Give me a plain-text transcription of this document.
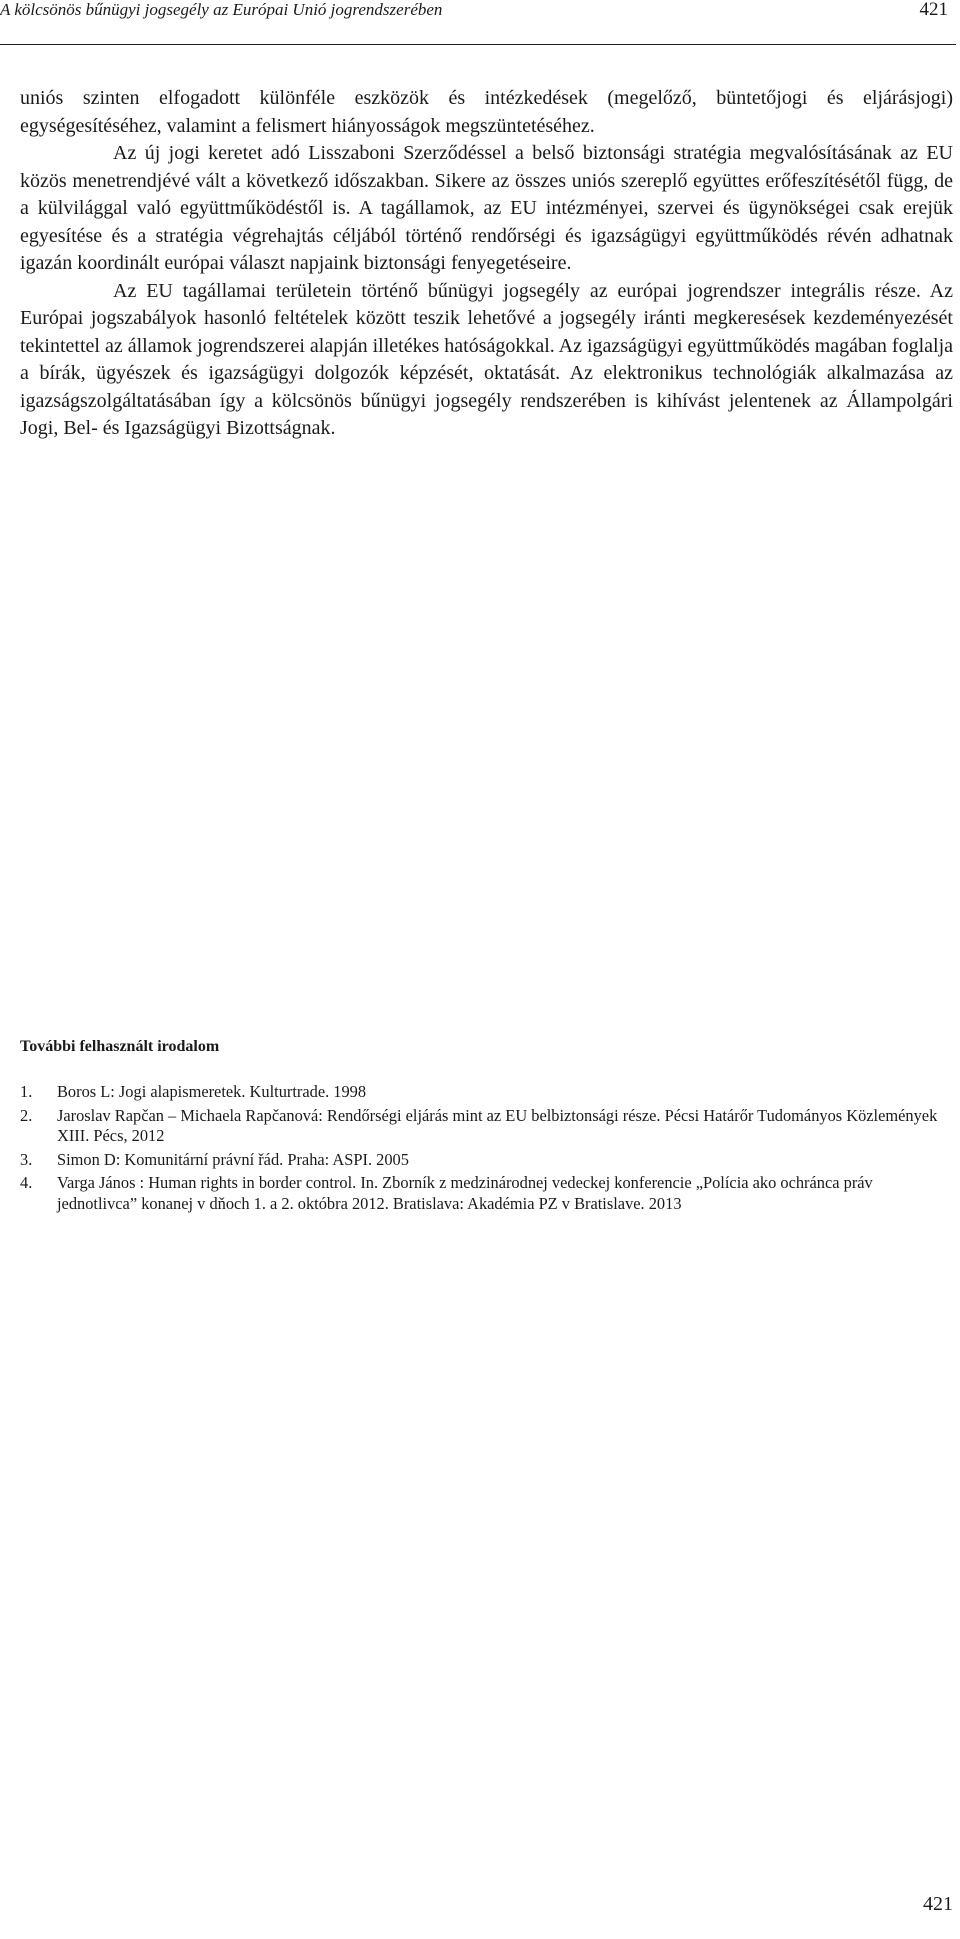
A kölcsönös bűnügyi jogsegély az Európai Unió jogrendszerében	421

uniós szinten elfogadott különféle eszközök és intézkedések (megelőző, büntetőjogi és eljárásjogi) egységesítéséhez, valamint a felismert hiányosságok megszüntetéséhez.

Az új jogi keretet adó Lisszaboni Szerződéssel a belső biztonsági stratégia megvalósításának az EU közös menetrendjévé vált a következő időszakban. Sikere az összes uniós szereplő együttes erőfeszítésétől függ, de a külvilággal való együttműködéstől is. A tagállamok, az EU intézményei, szervei és ügynökségei csak erejük egyesítése és a stratégia végrehajtás céljából történő rendőrségi és igazságügyi együttműködés révén adhatnak igazán koordinált európai választ napjaink biztonsági fenyegetéseire.

Az EU tagállamai területein történő bűnügyi jogsegély az európai jogrendszer integrális része. Az Európai jogszabályok hasonló feltételek között teszik lehetővé a jogsegély iránti megkeresések kezdeményezését tekintettel az államok jogrendszerei alapján illetékes hatóságokkal. Az igazságügyi együttműködés magában foglalja a bírák, ügyészek és igazságügyi dolgozók képzését, oktatását. Az elektronikus technológiák alkalmazása az igazságszolgáltatásában így a kölcsönös bűnügyi jogsegély rendszerében is kihívást jelentenek az Állampolgári Jogi, Bel- és Igazságügyi Bizottságnak.

További felhasznált irodalom
1. Boros L: Jogi alapismeretek. Kulturtrade. 1998
2. Jaroslav Rapčan – Michaela Rapčanová: Rendőrségi eljárás mint az EU belbiztonsági része. Pécsi Határőr Tudományos Közlemények XIII. Pécs, 2012
3. Simon D: Komunitární právní řád. Praha: ASPI. 2005
4. Varga János : Human rights in border control. In. Zborník z medzinárodnej vedeckej konferencie „Polícia ako ochránca práv jednotlivca” konanej v dňoch 1. a 2. októbra 2012. Bratislava: Akadémia PZ v Bratislave. 2013
421
